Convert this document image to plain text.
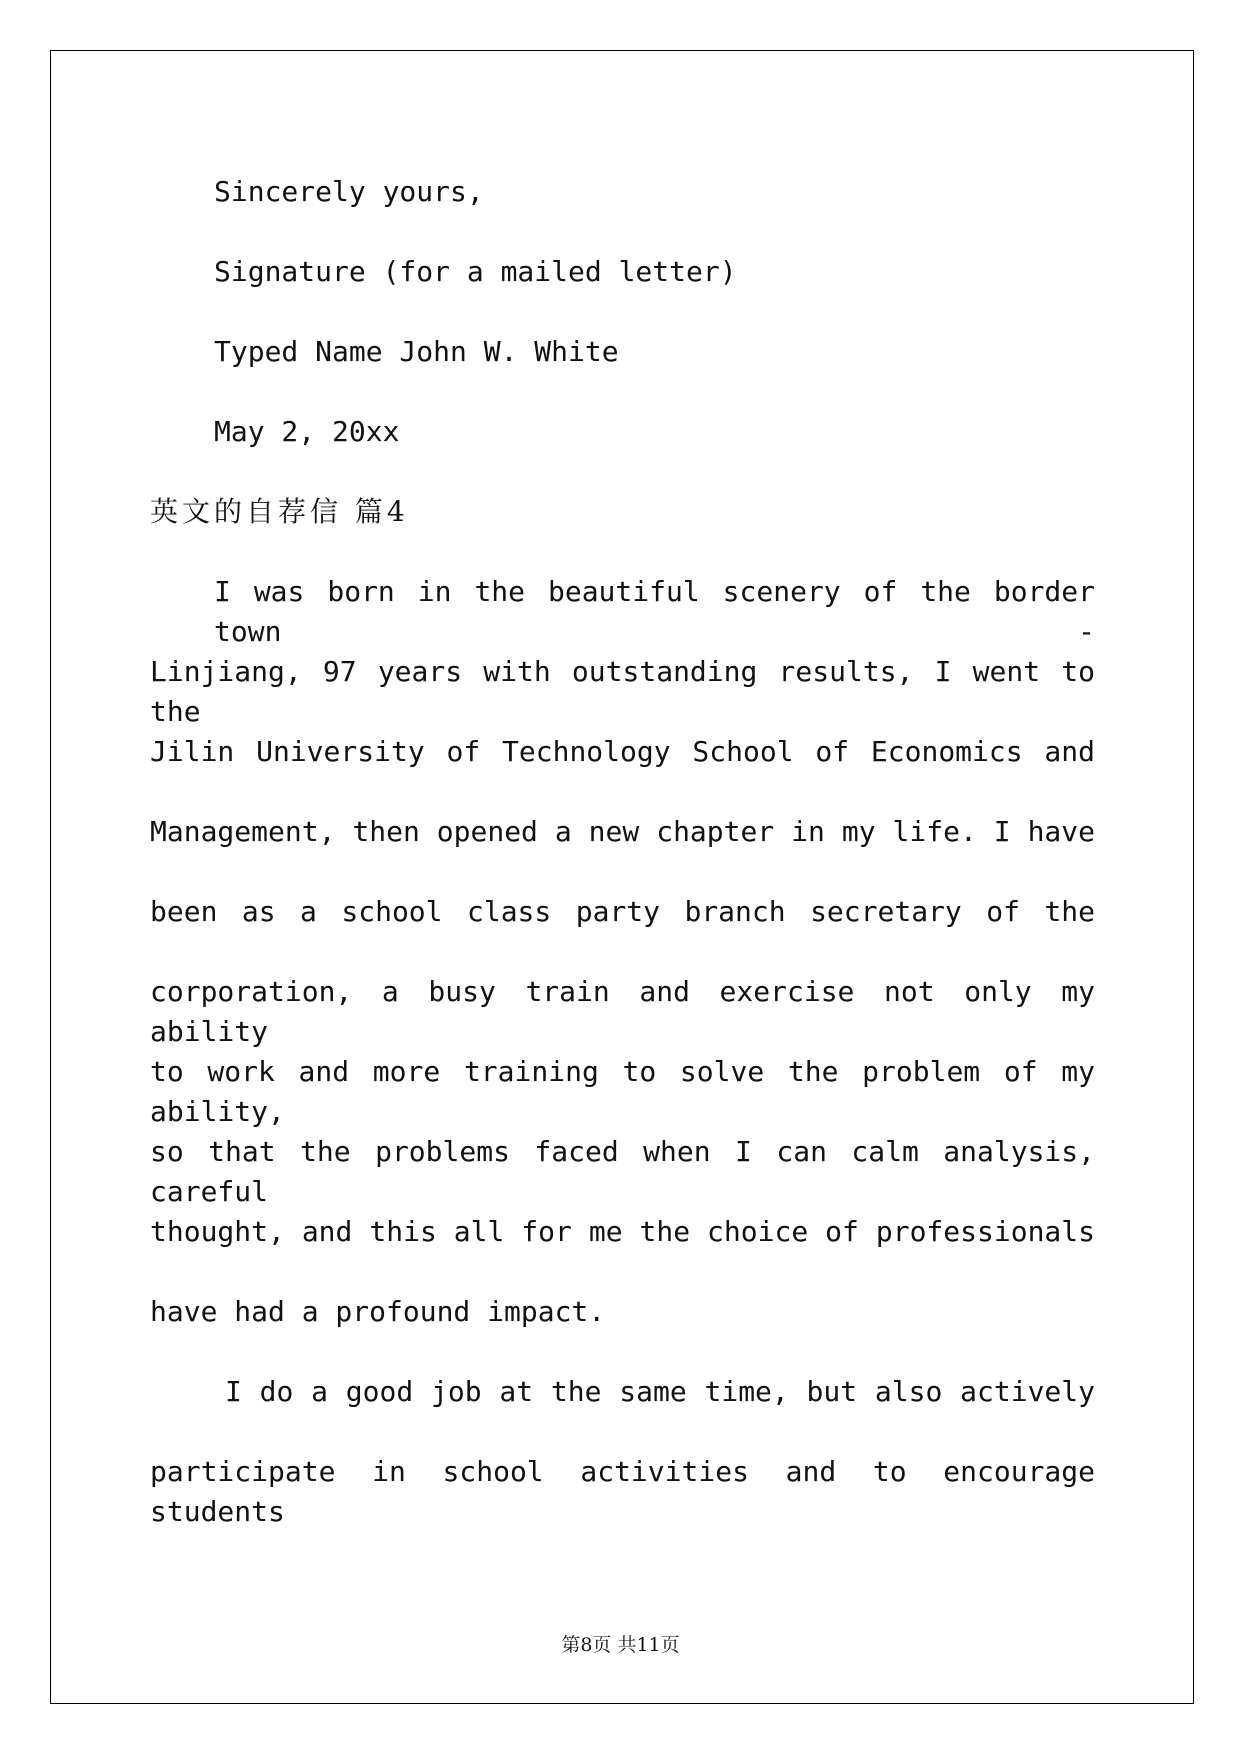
Sincerely yours,
Signature (for a mailed letter)
Typed Name John W. White
May 2, 20xx
英文的自荐信 篇4
I was born in the beautiful scenery of the border town -
Linjiang, 97 years with outstanding results, I went to the
Jilin University of Technology School of Economics and
Management, then opened a new chapter in my life. I have
been as a school class party branch secretary of the
corporation, a busy train and exercise not only my ability
to work and more training to solve the problem of my ability,
so that the problems faced when I can calm analysis, careful
thought, and this all for me the choice of professionals
have had a profound impact.
I do a good job at the same time, but also actively
participate in school activities and to encourage students
第8页 共11页
